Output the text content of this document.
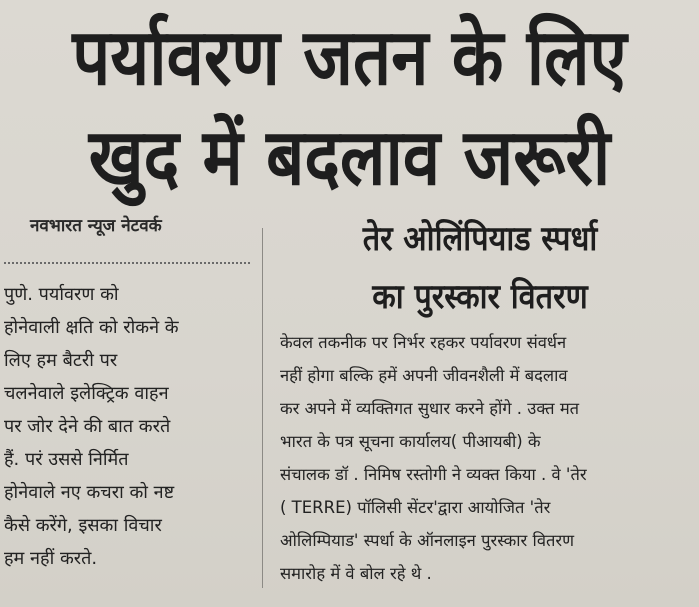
पर्यावरण जतन के लिए
खुद में बदलाव जरूरी
नवभारत न्यूज नेटवर्क

पुणे. पर्यावरण को

होनेवाली क्षति को रोकने के

लिए हम बैटरी पर

चलनेवाले इलेक्ट्रिक वाहन

पर जोर देने की बात करते

हैं. परं उससे निर्मित

होनेवाले नए कचरा को नष्ट

कैसे करेंगे, इसका विचार

हम नहीं करते.

तेर ओलिंपियाड स्पर्धा
का पुरस्कार वितरण

केवल तकनीक पर निर्भर रहकर पर्यावरण संवर्धन

नहीं होगा बल्कि हमें अपनी जीवनशैली में बदलाव

कर अपने में व्यक्तिगत सुधार करने होंगे . उक्त मत

भारत के पत्र सूचना कार्यालय( पीआयबी) के

संचालक डॉ . निमिष रस्तोगी ने व्यक्त किया . वे 'तेर

( TERRE) पॉलिसी सेंटर'द्वारा आयोजित 'तेर

ओलिम्पियाड' स्पर्धा के ऑनलाइन पुरस्कार वितरण

समारोह में वे बोल रहे थे .
